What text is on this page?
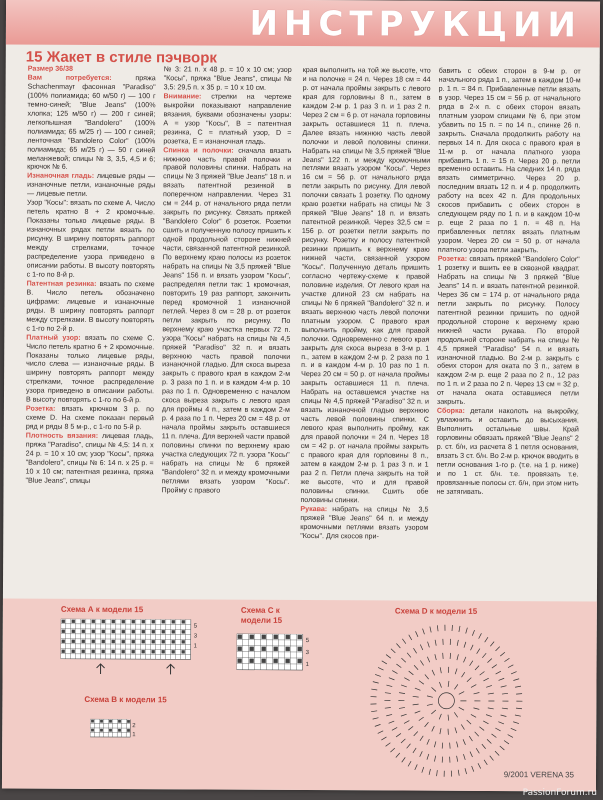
ИНСТРУКЦИИ
15 Жакет в стиле пэчворк

Размер 36/38

Вам потребуется: пряжа Schachenmayr фасонная "Paradiso" (100% полиамида; 60 м/50 г) — 100 г темно-синей; "Blue Jeans" (100% хлопка; 125 м/50 г) — 200 г синей; легкопышная "Bandolero" (100% полиамида; 65 м/25 г) — 100 г синей; ленточная "Bandolero Color" (100% полиамида; 65 м/25 г) — 50 г синей меланжевой; спицы № 3, 3,5, 4,5 и 6; крючок № 6.

Изнаночная гладь: лицевые ряды — изнаночные петли, изнаночные ряды — лицевые петли.

Узор "Косы": вязать по схеме А. Число петель кратно 8 + 2 кромочные. Показаны только лицевые ряды. В изнаночных рядах петли вязать по рисунку. В ширину повторять раппорт между стрелками, точное распределение узора приведено в описании работы. В высоту повторять с 1-го по 8-й р.

Патентная резинка: вязать по схеме В. Число петель обозначено цифрами: лицевые и изнаночные ряды. В ширину повторять раппорт между стрелками. В высоту повторять с 1-го по 2-й р.

Платный узор: вязать по схеме С. Число петель кратно 6 + 2 кромочные. Показаны только лицевые ряды, число слева — изнаночные ряды. В ширину повторять раппорт между стрелками, точное распределение узора приведено в описании работы. В высоту повторять с 1-го по 6-й р.

Розетка: вязать крючком 3 р. по схеме D. На схеме показан первый ряд и ряды 8 5 м-р., с 1-го по 5-й р.

Плотность вязания: лицевая гладь, пряжа "Paradiso", спицы № 4,5: 14 п. х 24 р. = 10 х 10 см; узор "Косы", пряжа "Bandolero", спицы № 6: 14 п. х 25 р. = 10 х 10 см; патентная резинка, пряжа "Blue Jeans", спицы

№ 3: 21 п. х 48 р. = 10 х 10 см; узор "Косы", пряжа "Blue Jeans", спицы № 3,5: 29,5 п. х 35 р. = 10 х 10 см.

Внимание: стрелки на чертеже выкройки показывают направление вязания, буквами обозначены узоры: А = узор "Косы", В = патентная резинка, С = платный узор, D = розетка, Е = изнаночная гладь.

Спинка и полочки: сначала вязать нижнюю часть правой полочки и правой половины спинки. Набрать на спицы № 3 пряжей "Blue Jeans" 18 п. и вязать патентной резинкой в поперечном направлении. Через 31 см = 244 р. от начального ряда петли закрыть по рисунку. Связать пряжей "Bandolero Color" 6 розеток. Розетки сшить и полученную полосу пришить к одной продольной стороне нижней части, связанной патентной резинкой. По верхнему краю полосы из розеток набрать на спицы № 3,5 пряжей "Blue Jeans" 156 п. и вязать узором "Косы", распределяя петли так: 1 кромочная, повторить 19 раз раппорт, закончить перед кромочной 1 изнаночной петлей. Через 8 см = 28 р. от розеток петли закрыть по рисунку. По верхнему краю участка первых 72 п. узора "Косы" набрать на спицы № 4,5 пряжей "Paradiso" 32 п. и вязать верхнюю часть правой полочки изнаночной гладью. Для скоса выреза закрыть с правого края в каждом 2-м р. 3 раза по 1 п. и в каждом 4-м р. 10 раз по 1 п. Одновременно с началом скоса выреза закрыть с левого края для проймы 4 п., затем в каждом 2-м р. 4 раза по 1 п. Через 20 см = 48 р. от начала проймы закрыть оставшиеся 11 п. плеча. Для верхней части правой половины спинки по верхнему краю участка следующих 72 п. узора "Косы" набрать на спицы № 6 пряжей "Bandolero" 32 п. и между кромочными петлями вязать узором "Косы". Пройму с правого

края выполнить на той же высоте, что и на полочке = 24 п. Через 18 см = 44 р. от начала проймы закрыть с левого края для горловины 8 п., затем в каждом 2-м р. 1 раз 3 п. и 1 раз 2 п. Через 2 см = 6 р. от начала горловины закрыть оставшиеся 11 п. плеча. Далее вязать нижнюю часть левой полочки и левой половины спинки. Набрать на спицы № 3,5 пряжей "Blue Jeans" 122 п. и между кромочными петлями вязать узором "Косы". Через 16 см = 56 р. от начального ряда петли закрыть по рисунку. Для левой полочки связать 1 розетку. По одному краю розетки набрать на спицы № 3 пряжей "Blue Jeans" 18 п. и вязать патентной резинкой. Через 32,5 см = 156 р. от розетки петли закрыть по рисунку. Розетку и полосу патентной резинки пришить к верхнему краю нижней части, связанной узором "Косы". Полученную деталь пришить согласно чертежу-схеме к правой половине изделия. От левого края на участке длиной 23 см набрать на спицы № 6 пряжей "Bandolero" 32 п. и вязать верхнюю часть левой полочки платным узором. С правого края выполнить пройму, как для правой полочки. Одновременно с левого края закрыть для скоса выреза в 3-м р. 1 п., затем в каждом 2-м р. 2 раза по 1 п. и в каждом 4-м р. 10 раз по 1 п. Через 20 см = 50 р. от начала проймы закрыть оставшиеся 11 п. плеча. Набрать на оставшемся участке на спицы № 4,5 пряжей "Paradiso" 32 п. и вязать изнаночной гладью верхнюю часть левой половины спинки. С левого края выполнить пройму, как для правой полочки = 24 п. Через 18 см = 42 р. от начала проймы закрыть с правого края для горловины 8 п., затем в каждом 2-м р. 1 раз 3 п. и 1 раз 2 п. Петли плеча закрыть на той же высоте, что и для правой половины спинки. Сшить обе половины спинки.

Рукава: набрать на спицы № 3,5 пряжей "Blue Jeans" 64 п. и между кромочными петлями вязать узором "Косы". Для скосов при-

бавить с обеих сторон в 9-м р. от начального ряда 1 п., затем в каждом 10-м р. 1 п. = 84 п. Прибавленные петли вязать в узор. Через 15 см = 56 р. от начального ряда в 2-х п. с обеих сторон вязать платным узором спицами № 6, при этом убавить по 15 п. = по 14 п., спинке 26 п. закрыть. Сначала продолжить работу на первых 14 п. Для скоса с правого края в 11-м р. от начала платного узора прибавить 1 п. = 15 п. Через 20 р. петли временно оставить. На следних 14 п. ряда вязать симметрично. Через 20 р. последним вязать 12 п. и 4 р. продолжить работу на всех 42 п. Для продольных скосов прибавить с обеих сторон в следующем ряду по 1 п. и в каждом 10-м р. еще 2 раза по 1 п. = 48 п. На прибавленных петлях вязать платным узором. Через 20 см = 50 р. от начала платного узора петли закрыть.

Розетка: связать пряжей "Bandolero Color" 1 розетку и вшить ее в сквозной квадрат. Набрать на спицы № 3 пряжей "Blue Jeans" 14 п. и вязать патентной резинкой. Через 36 см = 174 р. от начального ряда петли закрыть по рисунку. Полосу патентной резинки пришить по одной продольной стороне к верхнему краю нижней части рукава. По второй продольной стороне набрать на спицы № 4,5 пряжей "Paradiso" 54 п. и вязать изнаночной гладью. Во 2-м р. закрыть с обеих сторон для оката по 3 п., затем в каждом 2-м р. еще 2 раза по 2 п., 12 раз по 1 п. и 2 раза по 2 п. Через 13 см = 32 р. от начала оката оставшиеся петли закрыть.

Сборка: детали наколоть на выкройку, увлажнить и оставить до высыхания. Выполнить остальные швы. Край горловины обвязать пряжей "Blue Jeans" 2 р. ст. б/н, из расчета 8 1 петля основания, вязать 3 ст. б/н. Во 2-м р. крючок вводить в петли основания 1-го р. (т.е. на 1 р. ниже) и по 1 ст. б/н. т.е. провязать т.е. провязанные полосы ст. б/н, при этом нить не затягивать.

Схема А к модели 15
5
3
1
Схема В к модели 15
2
1
Схема С к модели 15
5
3
1
Схема D к модели 15
9/2001 VERENA 35
PassionForum.ru
